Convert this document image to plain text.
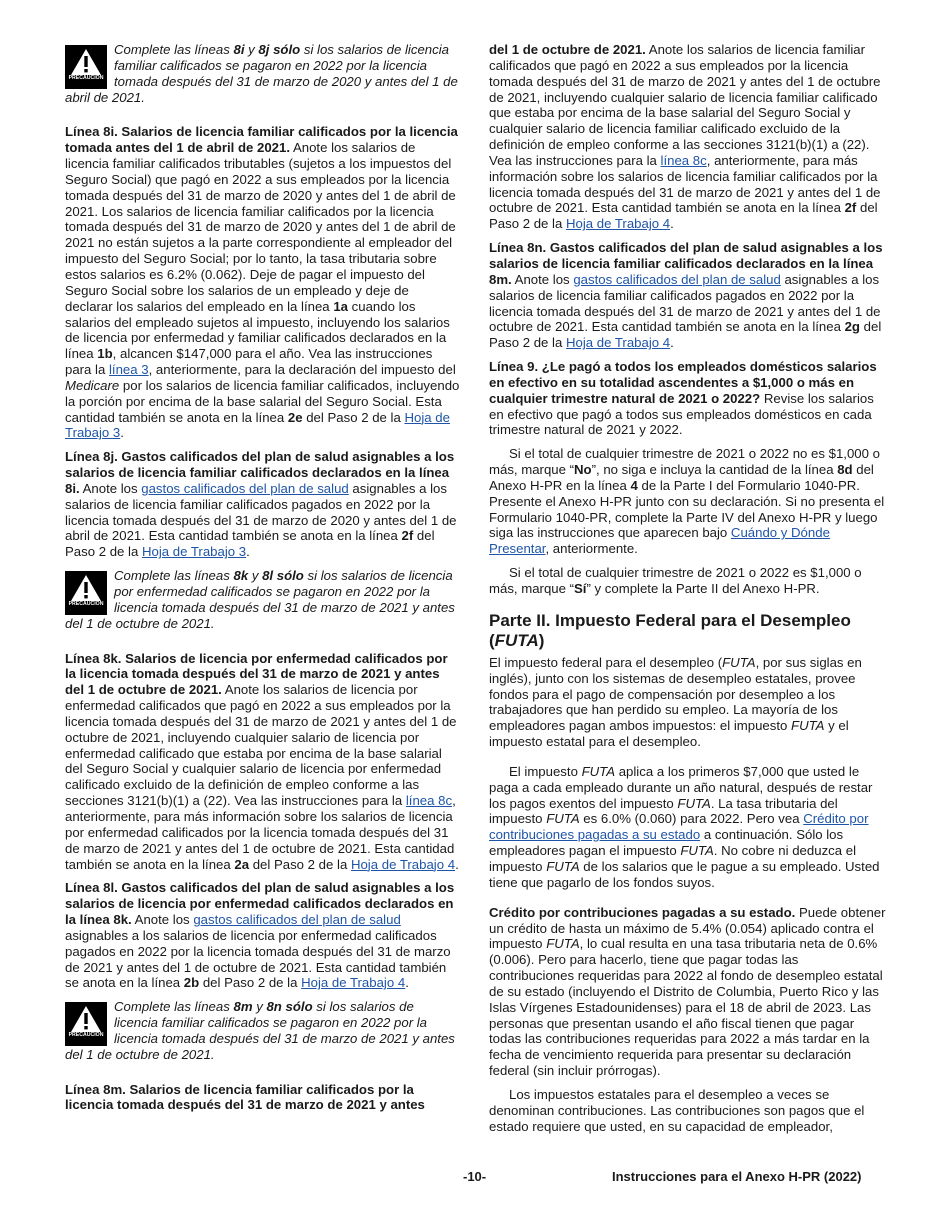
PRECAUCION
Complete las líneas 8i y 8j sólo si los salarios de licencia familiar calificados se pagaron en 2022 por la licencia tomada después del 31 de marzo de 2020 y antes del 1 de abril de 2021.

Línea 8i. Salarios de licencia familiar calificados por la licencia tomada antes del 1 de abril de 2021. Anote los salarios de licencia familiar calificados tributables (sujetos a los impuestos del Seguro Social) que pagó en 2022 a sus empleados por la licencia tomada después del 31 de marzo de 2020 y antes del 1 de abril de 2021. Los salarios de licencia familiar calificados por la licencia tomada después del 31 de marzo de 2020 y antes del 1 de abril de 2021 no están sujetos a la parte correspondiente al empleador del impuesto del Seguro Social; por lo tanto, la tasa tributaria sobre estos salarios es 6.2% (0.062). Deje de pagar el impuesto del Seguro Social sobre los salarios de un empleado y deje de declarar los salarios del empleado en la línea 1a cuando los salarios del empleado sujetos al impuesto, incluyendo los salarios de licencia por enfermedad y familiar calificados declarados en la línea 1b, alcancen $147,000 para el año. Vea las instrucciones para la línea 3, anteriormente, para la declaración del impuesto del Medicare por los salarios de licencia familiar calificados, incluyendo la porción por encima de la base salarial del Seguro Social. Esta cantidad también se anota en la línea 2e del Paso 2 de la Hoja de Trabajo 3.

Línea 8j. Gastos calificados del plan de salud asignables a los salarios de licencia familiar calificados declarados en la línea 8i. Anote los gastos calificados del plan de salud asignables a los salarios de licencia familiar calificados pagados en 2022 por la licencia tomada después del 31 de marzo de 2020 y antes del 1 de abril de 2021. Esta cantidad también se anota en la línea 2f del Paso 2 de la Hoja de Trabajo 3.

PRECAUCION
Complete las líneas 8k y 8l sólo si los salarios de licencia por enfermedad calificados se pagaron en 2022 por la licencia tomada después del 31 de marzo de 2021 y antes del 1 de octubre de 2021.

Línea 8k. Salarios de licencia por enfermedad calificados por la licencia tomada después del 31 de marzo de 2021 y antes del 1 de octubre de 2021. Anote los salarios de licencia por enfermedad calificados que pagó en 2022 a sus empleados por la licencia tomada después del 31 de marzo de 2021 y antes del 1 de octubre de 2021, incluyendo cualquier salario de licencia por enfermedad calificado que estaba por encima de la base salarial del Seguro Social y cualquier salario de licencia por enfermedad calificado excluido de la definición de empleo conforme a las secciones 3121(b)(1) a (22). Vea las instrucciones para la línea 8c, anteriormente, para más información sobre los salarios de licencia por enfermedad calificados por la licencia tomada después del 31 de marzo de 2021 y antes del 1 de octubre de 2021. Esta cantidad también se anota en la línea 2a del Paso 2 de la Hoja de Trabajo 4.

Línea 8l. Gastos calificados del plan de salud asignables a los salarios de licencia por enfermedad calificados declarados en la línea 8k. Anote los gastos calificados del plan de salud asignables a los salarios de licencia por enfermedad calificados pagados en 2022 por la licencia tomada después del 31 de marzo de 2021 y antes del 1 de octubre de 2021. Esta cantidad también se anota en la línea 2b del Paso 2 de la Hoja de Trabajo 4.

PRECAUCION
Complete las líneas 8m y 8n sólo si los salarios de licencia familiar calificados se pagaron en 2022 por la licencia tomada después del 31 de marzo de 2021 y antes del 1 de octubre de 2021.

Línea 8m. Salarios de licencia familiar calificados por la licencia tomada después del 31 de marzo de 2021 y antes

del 1 de octubre de 2021. Anote los salarios de licencia familiar calificados que pagó en 2022 a sus empleados por la licencia tomada después del 31 de marzo de 2021 y antes del 1 de octubre de 2021, incluyendo cualquier salario de licencia familiar calificado que estaba por encima de la base salarial del Seguro Social y cualquier salario de licencia familiar calificado excluido de la definición de empleo conforme a las secciones 3121(b)(1) a (22). Vea las instrucciones para la línea 8c, anteriormente, para más información sobre los salarios de licencia familiar calificados por la licencia tomada después del 31 de marzo de 2021 y antes del 1 de octubre de 2021. Esta cantidad también se anota en la línea 2f del Paso 2 de la Hoja de Trabajo 4.

Línea 8n. Gastos calificados del plan de salud asignables a los salarios de licencia familiar calificados declarados en la línea 8m. Anote los gastos calificados del plan de salud asignables a los salarios de licencia familiar calificados pagados en 2022 por la licencia tomada después del 31 de marzo de 2021 y antes del 1 de octubre de 2021. Esta cantidad también se anota en la línea 2g del Paso 2 de la Hoja de Trabajo 4.

Línea 9. ¿Le pagó a todos los empleados domésticos salarios en efectivo en su totalidad ascendentes a $1,000 o más en cualquier trimestre natural de 2021 o 2022? Revise los salarios en efectivo que pagó a todos sus empleados domésticos en cada trimestre natural de 2021 y 2022.

Si el total de cualquier trimestre de 2021 o 2022 no es $1,000 o más, marque “No”, no siga e incluya la cantidad de la línea 8d del Anexo H-PR en la línea 4 de la Parte I del Formulario 1040-PR. Presente el Anexo H-PR junto con su declaración. Si no presenta el Formulario 1040-PR, complete la Parte IV del Anexo H-PR y luego siga las instrucciones que aparecen bajo Cuándo y Dónde Presentar, anteriormente.

Si el total de cualquier trimestre de 2021 o 2022 es $1,000 o más, marque “Sí” y complete la Parte II del Anexo H-PR.

Parte II. Impuesto Federal para el Desempleo (FUTA)

El impuesto federal para el desempleo (FUTA, por sus siglas en inglés), junto con los sistemas de desempleo estatales, provee fondos para el pago de compensación por desempleo a los trabajadores que han perdido su empleo. La mayoría de los empleadores pagan ambos impuestos: el impuesto FUTA y el impuesto estatal para el desempleo.

El impuesto FUTA aplica a los primeros $7,000 que usted le paga a cada empleado durante un año natural, después de restar los pagos exentos del impuesto FUTA. La tasa tributaria del impuesto FUTA es 6.0% (0.060) para 2022. Pero vea Crédito por contribuciones pagadas a su estado a continuación. Sólo los empleadores pagan el impuesto FUTA. No cobre ni deduzca el impuesto FUTA de los salarios que le pague a su empleado. Usted tiene que pagarlo de los fondos suyos.

Crédito por contribuciones pagadas a su estado. Puede obtener un crédito de hasta un máximo de 5.4% (0.054) aplicado contra el impuesto FUTA, lo cual resulta en una tasa tributaria neta de 0.6% (0.006). Pero para hacerlo, tiene que pagar todas las contribuciones requeridas para 2022 al fondo de desempleo estatal de su estado (incluyendo el Distrito de Columbia, Puerto Rico y las Islas Vírgenes Estadounidenses) para el 18 de abril de 2023. Las personas que presentan usando el año fiscal tienen que pagar todas las contribuciones requeridas para 2022 a más tardar en la fecha de vencimiento requerida para presentar su declaración federal (sin incluir prórrogas).

Los impuestos estatales para el desempleo a veces se denominan contribuciones. Las contribuciones son pagos que el estado requiere que usted, en su capacidad de empleador,

-10-	Instrucciones para el Anexo H-PR (2022)
